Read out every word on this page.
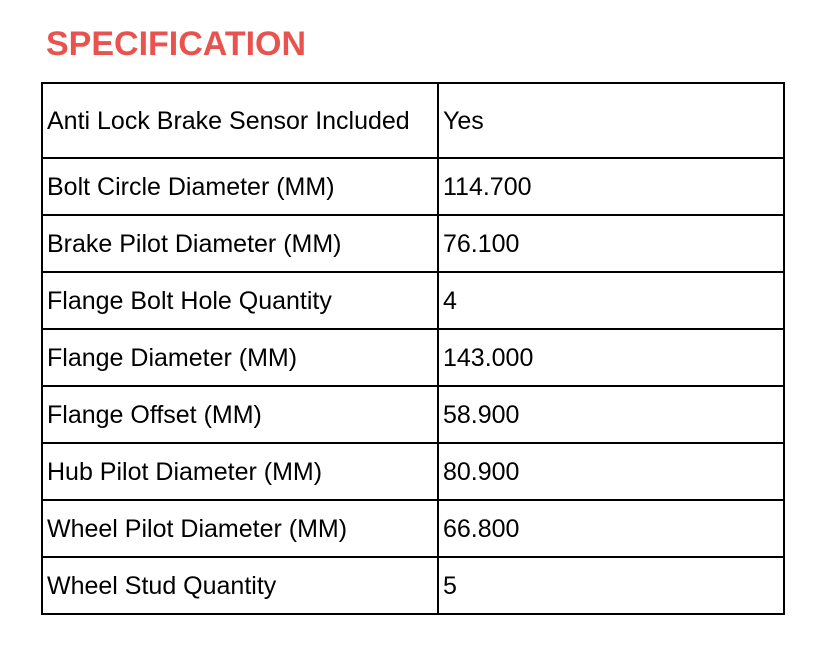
SPECIFICATION
Anti Lock Brake Sensor Included	Yes
Bolt Circle Diameter (MM)	114.700
Brake Pilot Diameter (MM)	76.100
Flange Bolt Hole Quantity	4
Flange Diameter (MM)	143.000
Flange Offset (MM)	58.900
Hub Pilot Diameter (MM)	80.900
Wheel Pilot Diameter (MM)	66.800
Wheel Stud Quantity	5
